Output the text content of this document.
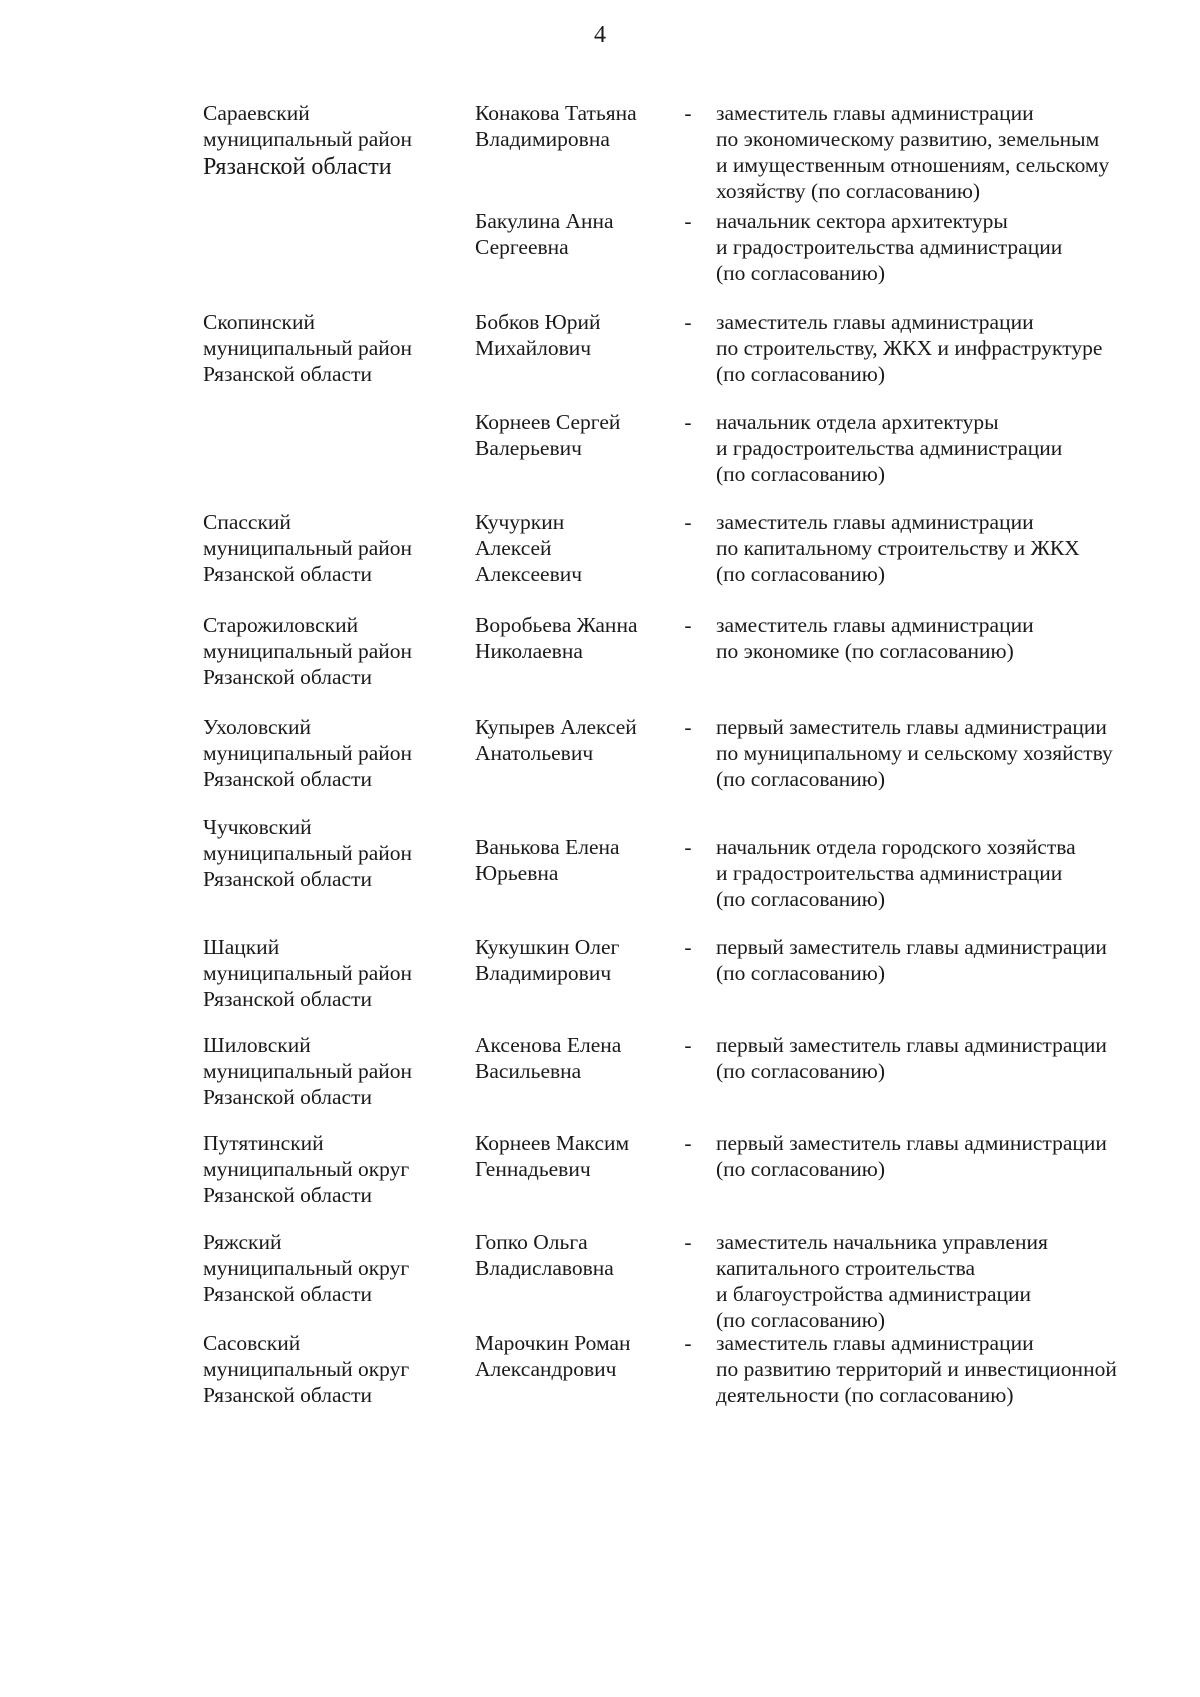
4
Сараевский
муниципальный район
Рязанской области
Конакова Татьяна
Владимировна
- заместитель главы администрации
по экономическому развитию, земельным
и имущественным отношениям, сельскому
хозяйству (по согласованию)
Бакулина Анна
Сергеевна
- начальник сектора архитектуры
и градостроительства администрации
(по согласованию)
Скопинский
муниципальный район
Рязанской области
Бобков Юрий
Михайлович
- заместитель главы администрации
по строительству, ЖКХ и инфраструктуре
(по согласованию)
Корнеев Сергей
Валерьевич
- начальник отдела архитектуры
и градостроительства администрации
(по согласованию)
Спасский
муниципальный район
Рязанской области
Кучуркин
Алексей
Алексеевич
- заместитель главы администрации
по капитальному строительству и ЖКХ
(по согласованию)
Старожиловский
муниципальный район
Рязанской области
Воробьева Жанна
Николаевна
- заместитель главы администрации
по экономике (по согласованию)
Ухоловский
муниципальный район
Рязанской области
Купырев Алексей
Анатольевич
- первый заместитель главы администрации
по муниципальному и сельскому хозяйству
(по согласованию)
Чучковский
муниципальный район
Рязанской области
Ванькова Елена
Юрьевна
- начальник отдела городского хозяйства
и градостроительства администрации
(по согласованию)
Шацкий
муниципальный район
Рязанской области
Кукушкин Олег
Владимирович
- первый заместитель главы администрации
(по согласованию)
Шиловский
муниципальный район
Рязанской области
Аксенова Елена
Васильевна
- первый заместитель главы администрации
(по согласованию)
Путятинский
муниципальный округ
Рязанской области
Корнеев Максим
Геннадьевич
- первый заместитель главы администрации
(по согласованию)
Ряжский
муниципальный округ
Рязанской области
Гопко Ольга
Владиславовна
- заместитель начальника управления
капитального строительства
и благоустройства администрации
(по согласованию)
Сасовский
муниципальный округ
Рязанской области
Марочкин Роман
Александрович
- заместитель главы администрации
по развитию территорий и инвестиционной
деятельности (по согласованию)
